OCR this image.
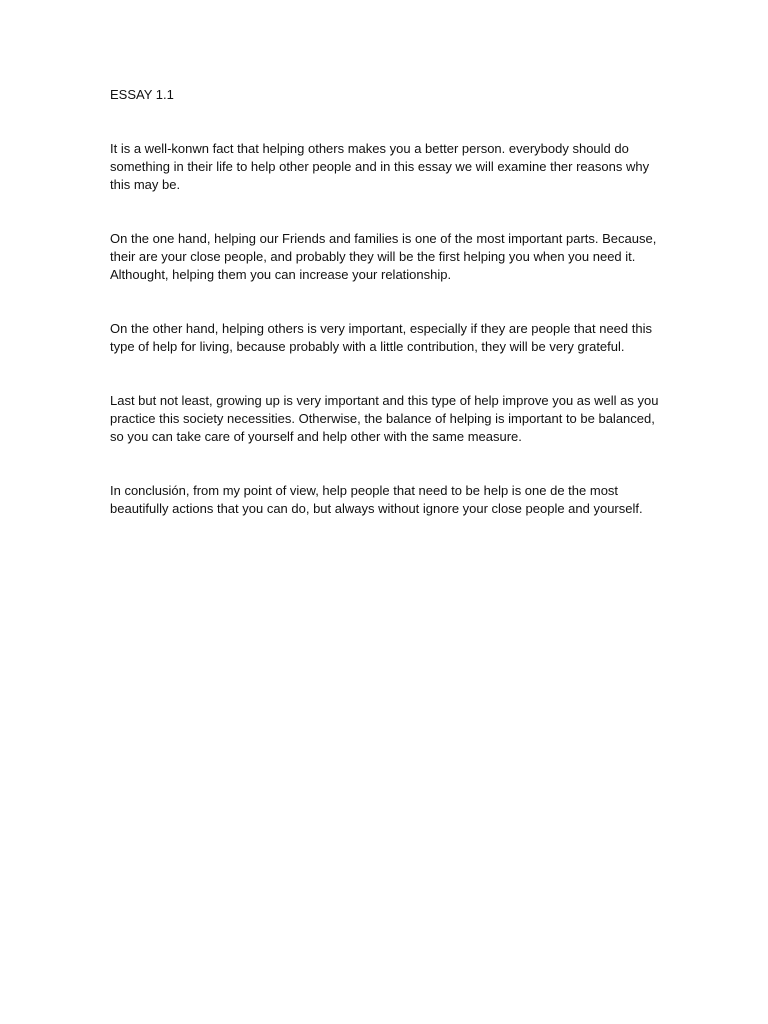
ESSAY 1.1

It is a well-konwn fact that helping others makes you a better person. everybody should do something in their life to help other people and in this essay we will examine ther reasons why this may be.

On the one hand, helping our Friends and families is one of the most important parts. Because, their are your close people, and probably they will be the first helping you when you need it. Althought, helping them you can increase your relationship.

On the other hand, helping others is very important, especially if they are people that need this type of help for living, because probably with a little contribution, they will be very grateful.

Last but not least, growing up is very important and this type of help improve you as well as you practice this society necessities. Otherwise, the balance of helping is important to be balanced, so you can take care of yourself and help other with the same measure.

In conclusión, from my point of view, help people that need to be help is one de the most beautifully actions that you can do, but always without ignore your close people and yourself.
